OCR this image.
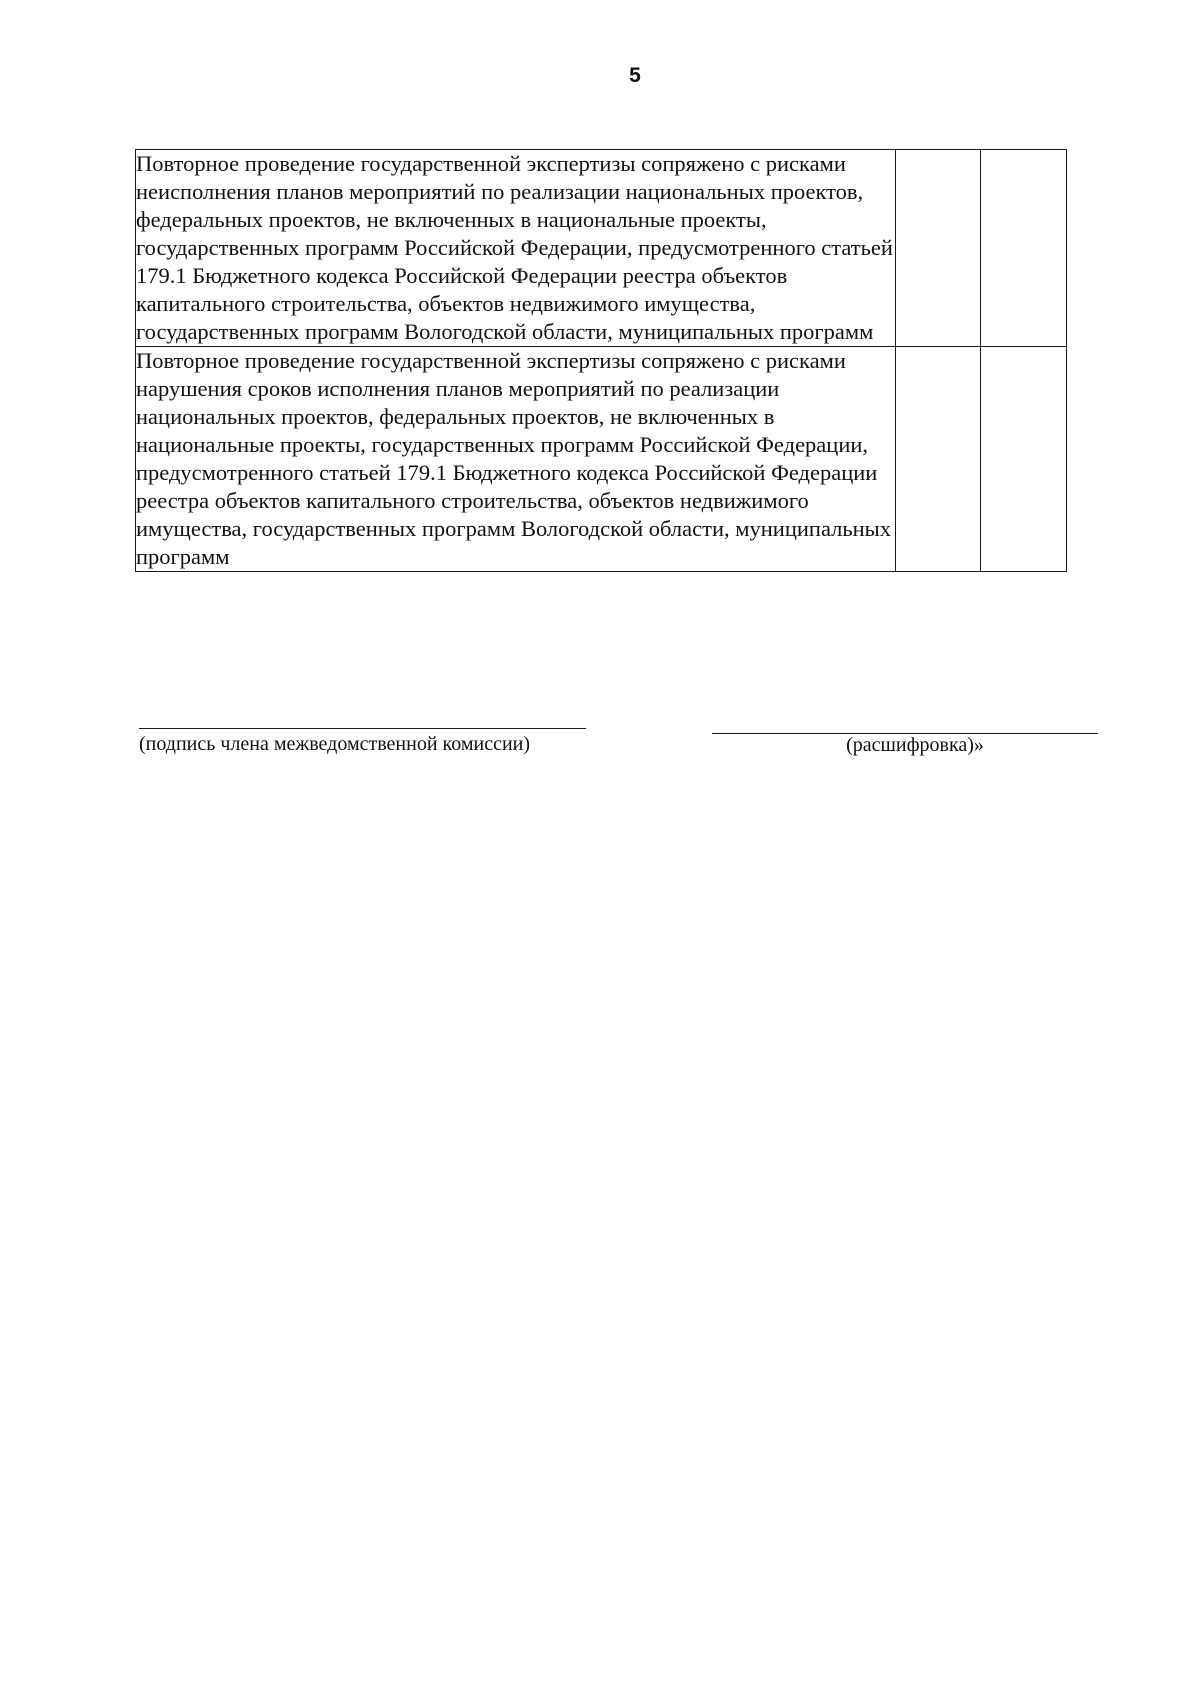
5
Повторное проведение государственной экспертизы сопряжено с рисками неисполнения планов мероприятий по реализации национальных проектов, федеральных проектов, не включенных в национальные проекты, государственных программ Российской Федерации, предусмотренного статьей 179.1 Бюджетного кодекса Российской Федерации реестра объектов капитального строительства, объектов недвижимого имущества, государственных программ Вологодской области, муниципальных программ		
Повторное проведение государственной экспертизы сопряжено с рисками нарушения сроков исполнения планов мероприятий по реализации национальных проектов, федеральных проектов, не включенных в национальные проекты, государственных программ Российской Федерации, предусмотренного статьей 179.1 Бюджетного кодекса Российской Федерации реестра объектов капитального строительства, объектов недвижимого имущества, государственных программ Вологодской области, муниципальных программ		
(подпись члена межведомственной комиссии)	(расшифровка)»
